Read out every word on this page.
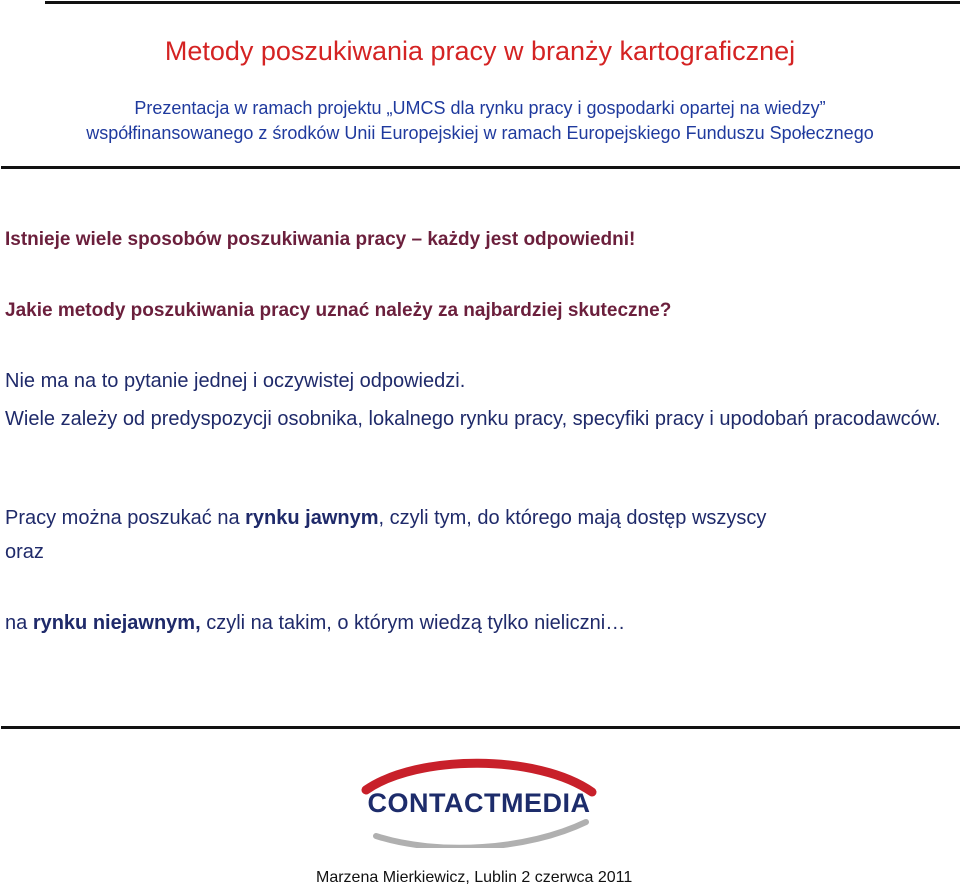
Metody poszukiwania pracy w branży kartograficznej
Prezentacja w ramach projektu „UMCS dla rynku pracy i gospodarki opartej na wiedzy”
współfinansowanego z środków Unii Europejskiej w ramach Europejskiego Funduszu Społecznego
Istnieje wiele sposobów poszukiwania pracy – każdy jest odpowiedni!
Jakie metody poszukiwania pracy uznać należy za najbardziej skuteczne?
Nie ma na to pytanie jednej i oczywistej odpowiedzi.
Wiele zależy od predyspozycji osobnika, lokalnego rynku pracy, specyfiki pracy i upodobań pracodawców.
Pracy można poszukać na rynku jawnym, czyli tym, do którego mają dostęp wszyscy
oraz
na rynku niejawnym, czyli na takim, o którym wiedzą tylko nieliczni…
CONTACTMEDIA
Marzena Mierkiewicz, Lublin 2 czerwca 2011
